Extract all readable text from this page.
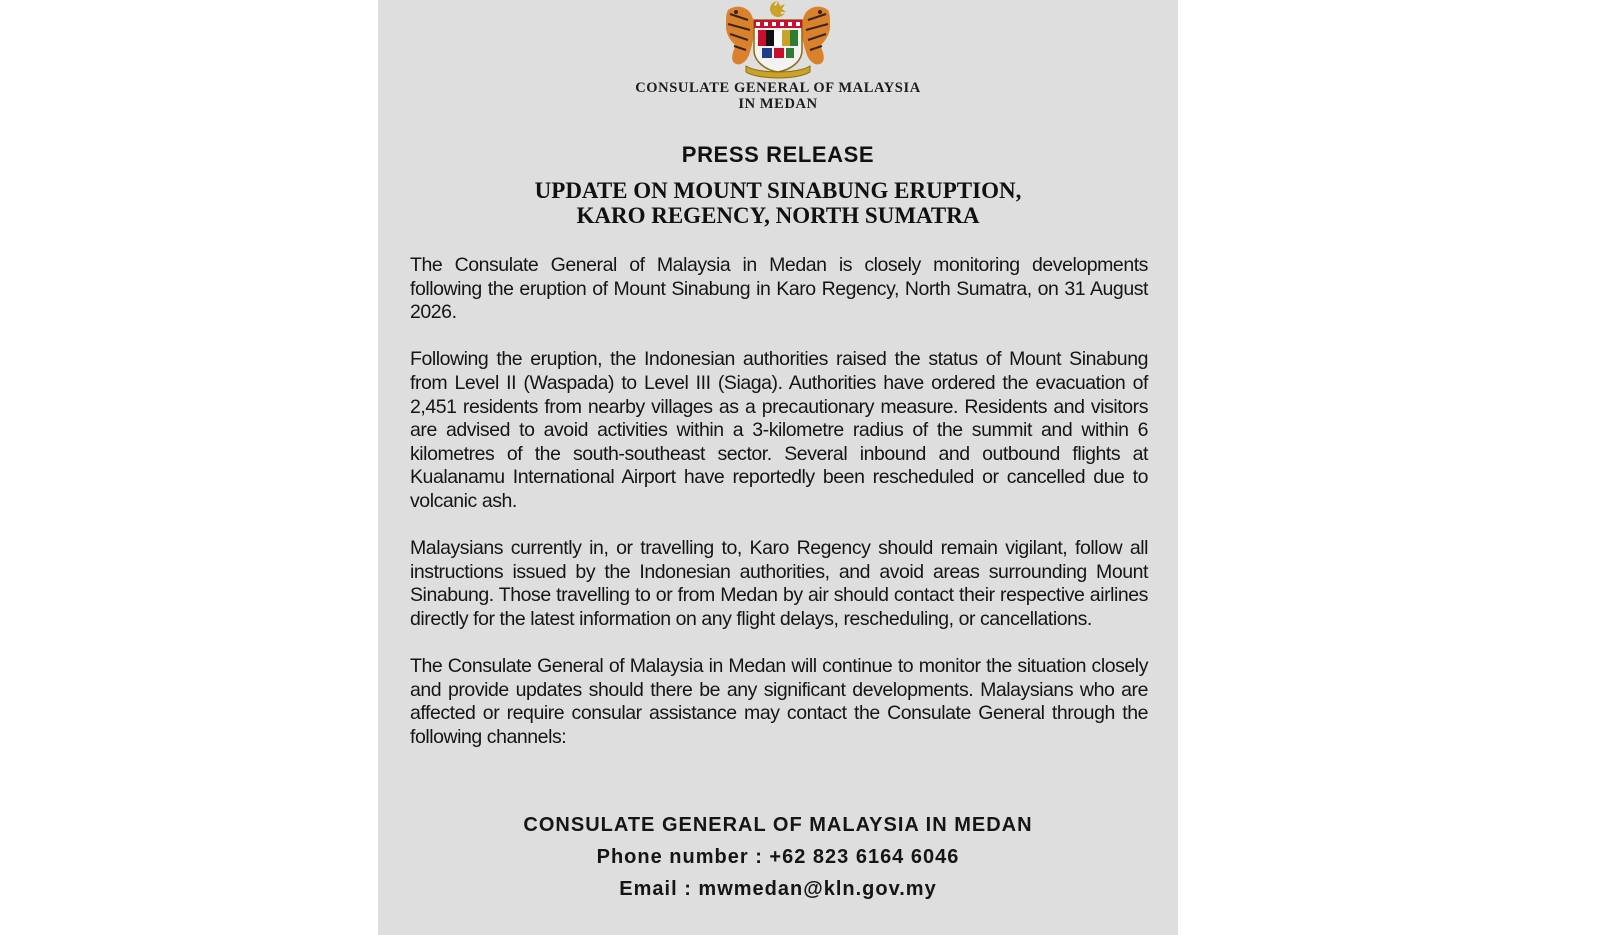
CONSULATE GENERAL OF MALAYSIA
IN MEDAN
PRESS RELEASE
UPDATE ON MOUNT SINABUNG ERUPTION,
KARO REGENCY, NORTH SUMATRA

The Consulate General of Malaysia in Medan is closely monitoring developments following the eruption of Mount Sinabung in Karo Regency, North Sumatra, on 31 August 2026.

Following the eruption, the Indonesian authorities raised the status of Mount Sinabung from Level II (Waspada) to Level III (Siaga). Authorities have ordered the evacuation of 2,451 residents from nearby villages as a precautionary measure. Residents and visitors are advised to avoid activities within a 3-kilometre radius of the summit and within 6 kilometres of the south-southeast sector. Several inbound and outbound flights at Kualanamu International Airport have reportedly been rescheduled or cancelled due to volcanic ash.

Malaysians currently in, or travelling to, Karo Regency should remain vigilant, follow all instructions issued by the Indonesian authorities, and avoid areas surrounding Mount Sinabung. Those travelling to or from Medan by air should contact their respective airlines directly for the latest information on any flight delays, rescheduling, or cancellations.

The Consulate General of Malaysia in Medan will continue to monitor the situation closely and provide updates should there be any significant developments. Malaysians who are affected or require consular assistance may contact the Consulate General through the following channels:

CONSULATE GENERAL OF MALAYSIA IN MEDAN
Phone number : +62 823 6164 6046
Email : mwmedan@kln.gov.my
